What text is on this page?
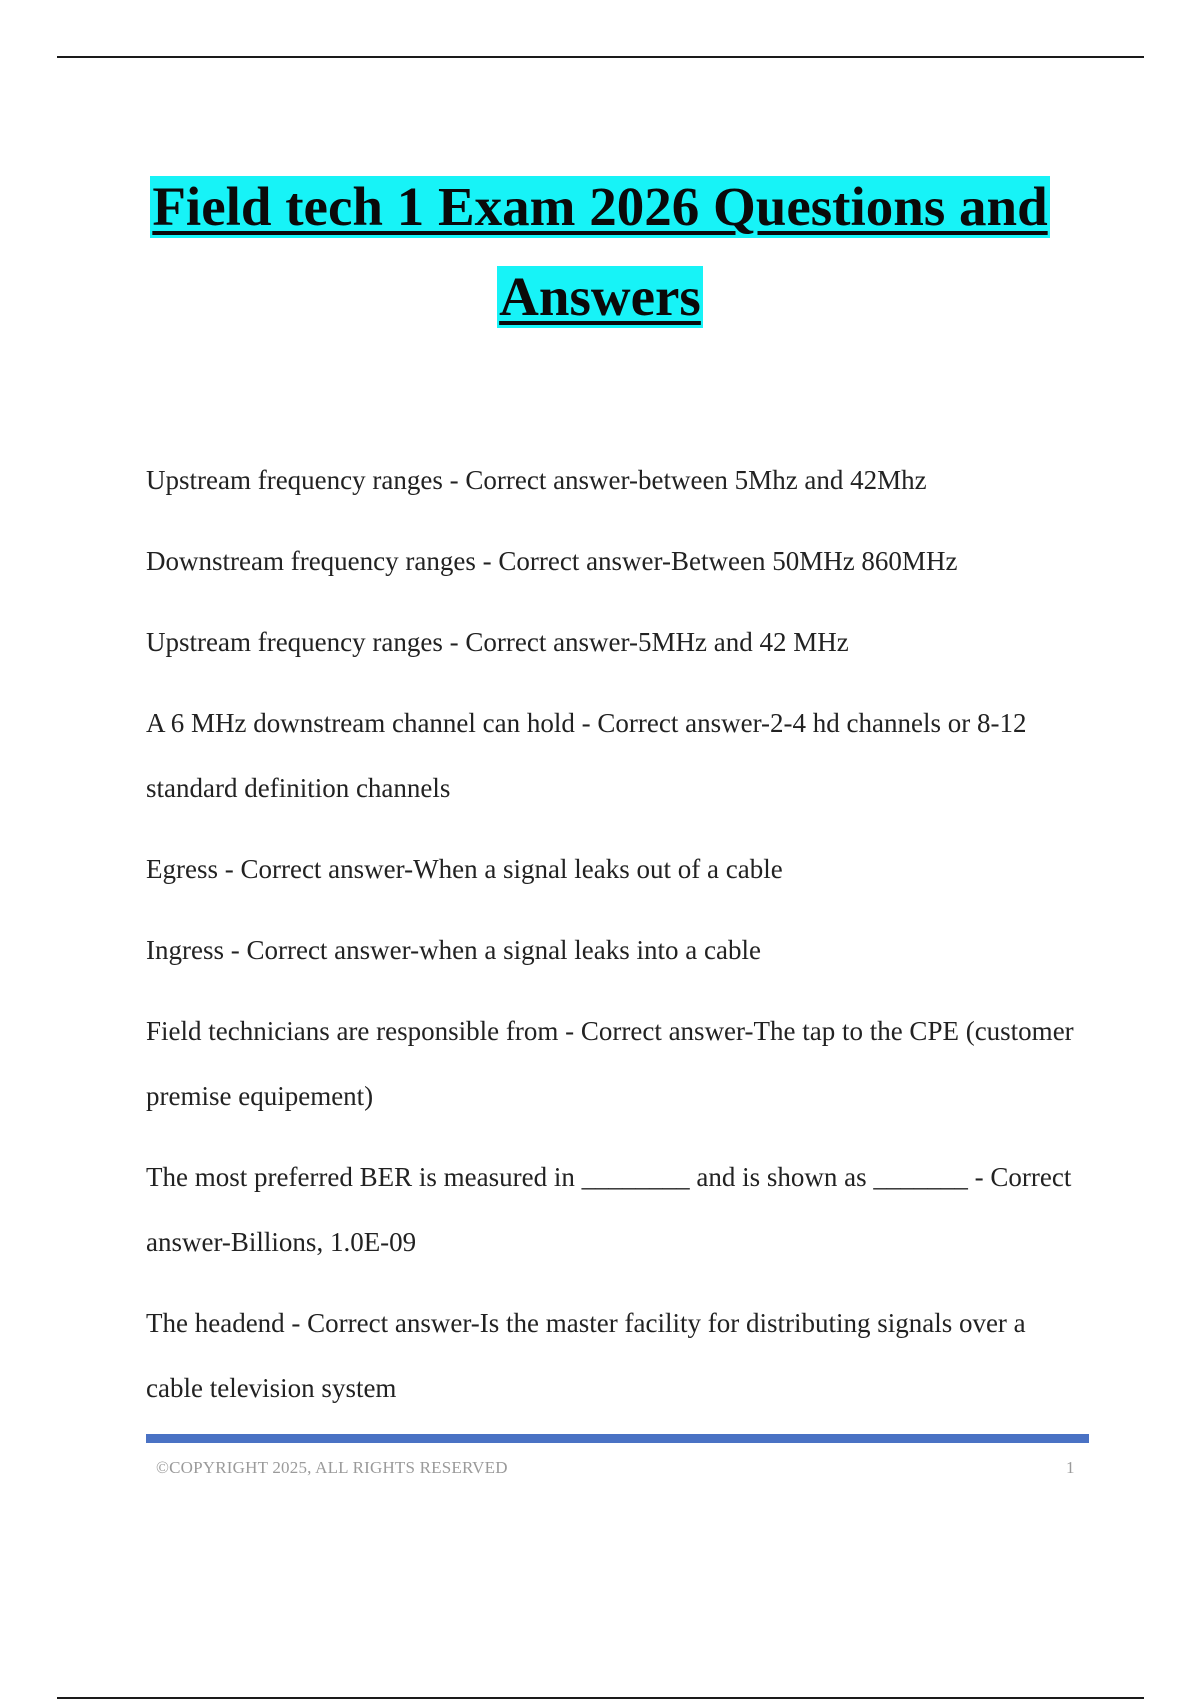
Field tech 1 Exam 2026 Questions and
Answers
Upstream frequency ranges - Correct answer-between 5Mhz and 42Mhz
Downstream frequency ranges - Correct answer-Between 50MHz 860MHz
Upstream frequency ranges - Correct answer-5MHz and 42 MHz
A 6 MHz downstream channel can hold - Correct answer-2-4 hd channels or 8-12 standard definition channels
Egress - Correct answer-When a signal leaks out of a cable
Ingress - Correct answer-when a signal leaks into a cable
Field technicians are responsible from - Correct answer-The tap to the CPE (customer premise equipement)
The most preferred BER is measured in ________ and is shown as _______ - Correct answer-Billions, 1.0E-09
The headend - Correct answer-Is the master facility for distributing signals over a cable television system
©COPYRIGHT 2025, ALL RIGHTS RESERVED	1
